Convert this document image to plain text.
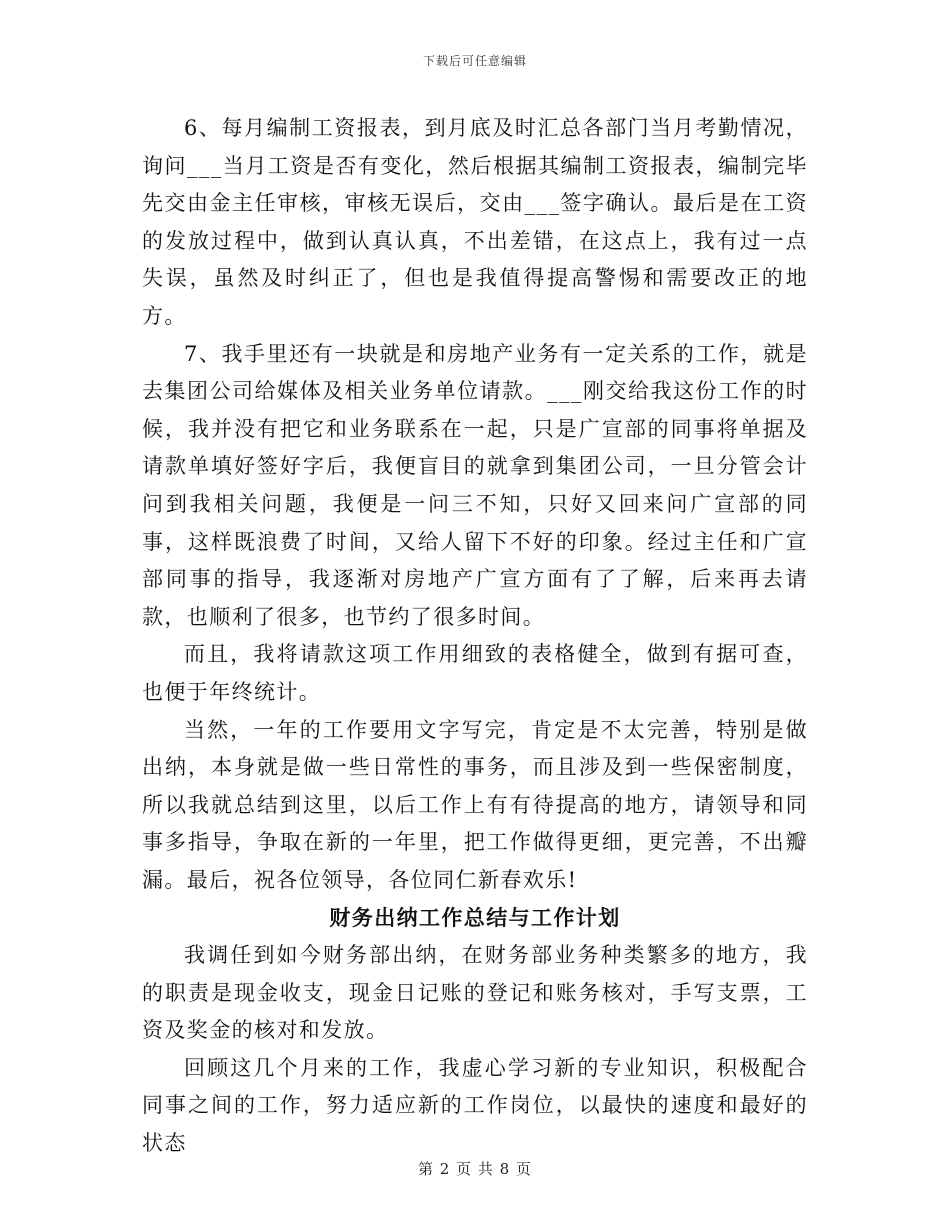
下载后可任意编辑

6、每月编制工资报表，到月底及时汇总各部门当月考勤情况，询问___当月工资是否有变化，然后根据其编制工资报表，编制完毕先交由金主任审核，审核无误后，交由___签字确认。最后是在工资的发放过程中，做到认真认真，不出差错，在这点上，我有过一点失误，虽然及时纠正了，但也是我值得提高警惕和需要改正的地方。

7、我手里还有一块就是和房地产业务有一定关系的工作，就是去集团公司给媒体及相关业务单位请款。___刚交给我这份工作的时候，我并没有把它和业务联系在一起，只是广宣部的同事将单据及请款单填好签好字后，我便盲目的就拿到集团公司，一旦分管会计问到我相关问题，我便是一问三不知，只好又回来问广宣部的同事，这样既浪费了时间，又给人留下不好的印象。经过主任和广宣部同事的指导，我逐渐对房地产广宣方面有了了解，后来再去请款，也顺利了很多，也节约了很多时间。

而且，我将请款这项工作用细致的表格健全，做到有据可查，也便于年终统计。

当然，一年的工作要用文字写完，肯定是不太完善，特别是做出纳，本身就是做一些日常性的事务，而且涉及到一些保密制度，所以我就总结到这里，以后工作上有有待提高的地方，请领导和同事多指导，争取在新的一年里，把工作做得更细，更完善，不出瓣漏。最后，祝各位领导，各位同仁新春欢乐!

财务出纳工作总结与工作计划

我调任到如今财务部出纳，在财务部业务种类繁多的地方，我的职责是现金收支，现金日记账的登记和账务核对，手写支票，工资及奖金的核对和发放。

回顾这几个月来的工作，我虚心学习新的专业知识，积极配合同事之间的工作，努力适应新的工作岗位，以最快的速度和最好的状态

第 2 页 共 8 页
